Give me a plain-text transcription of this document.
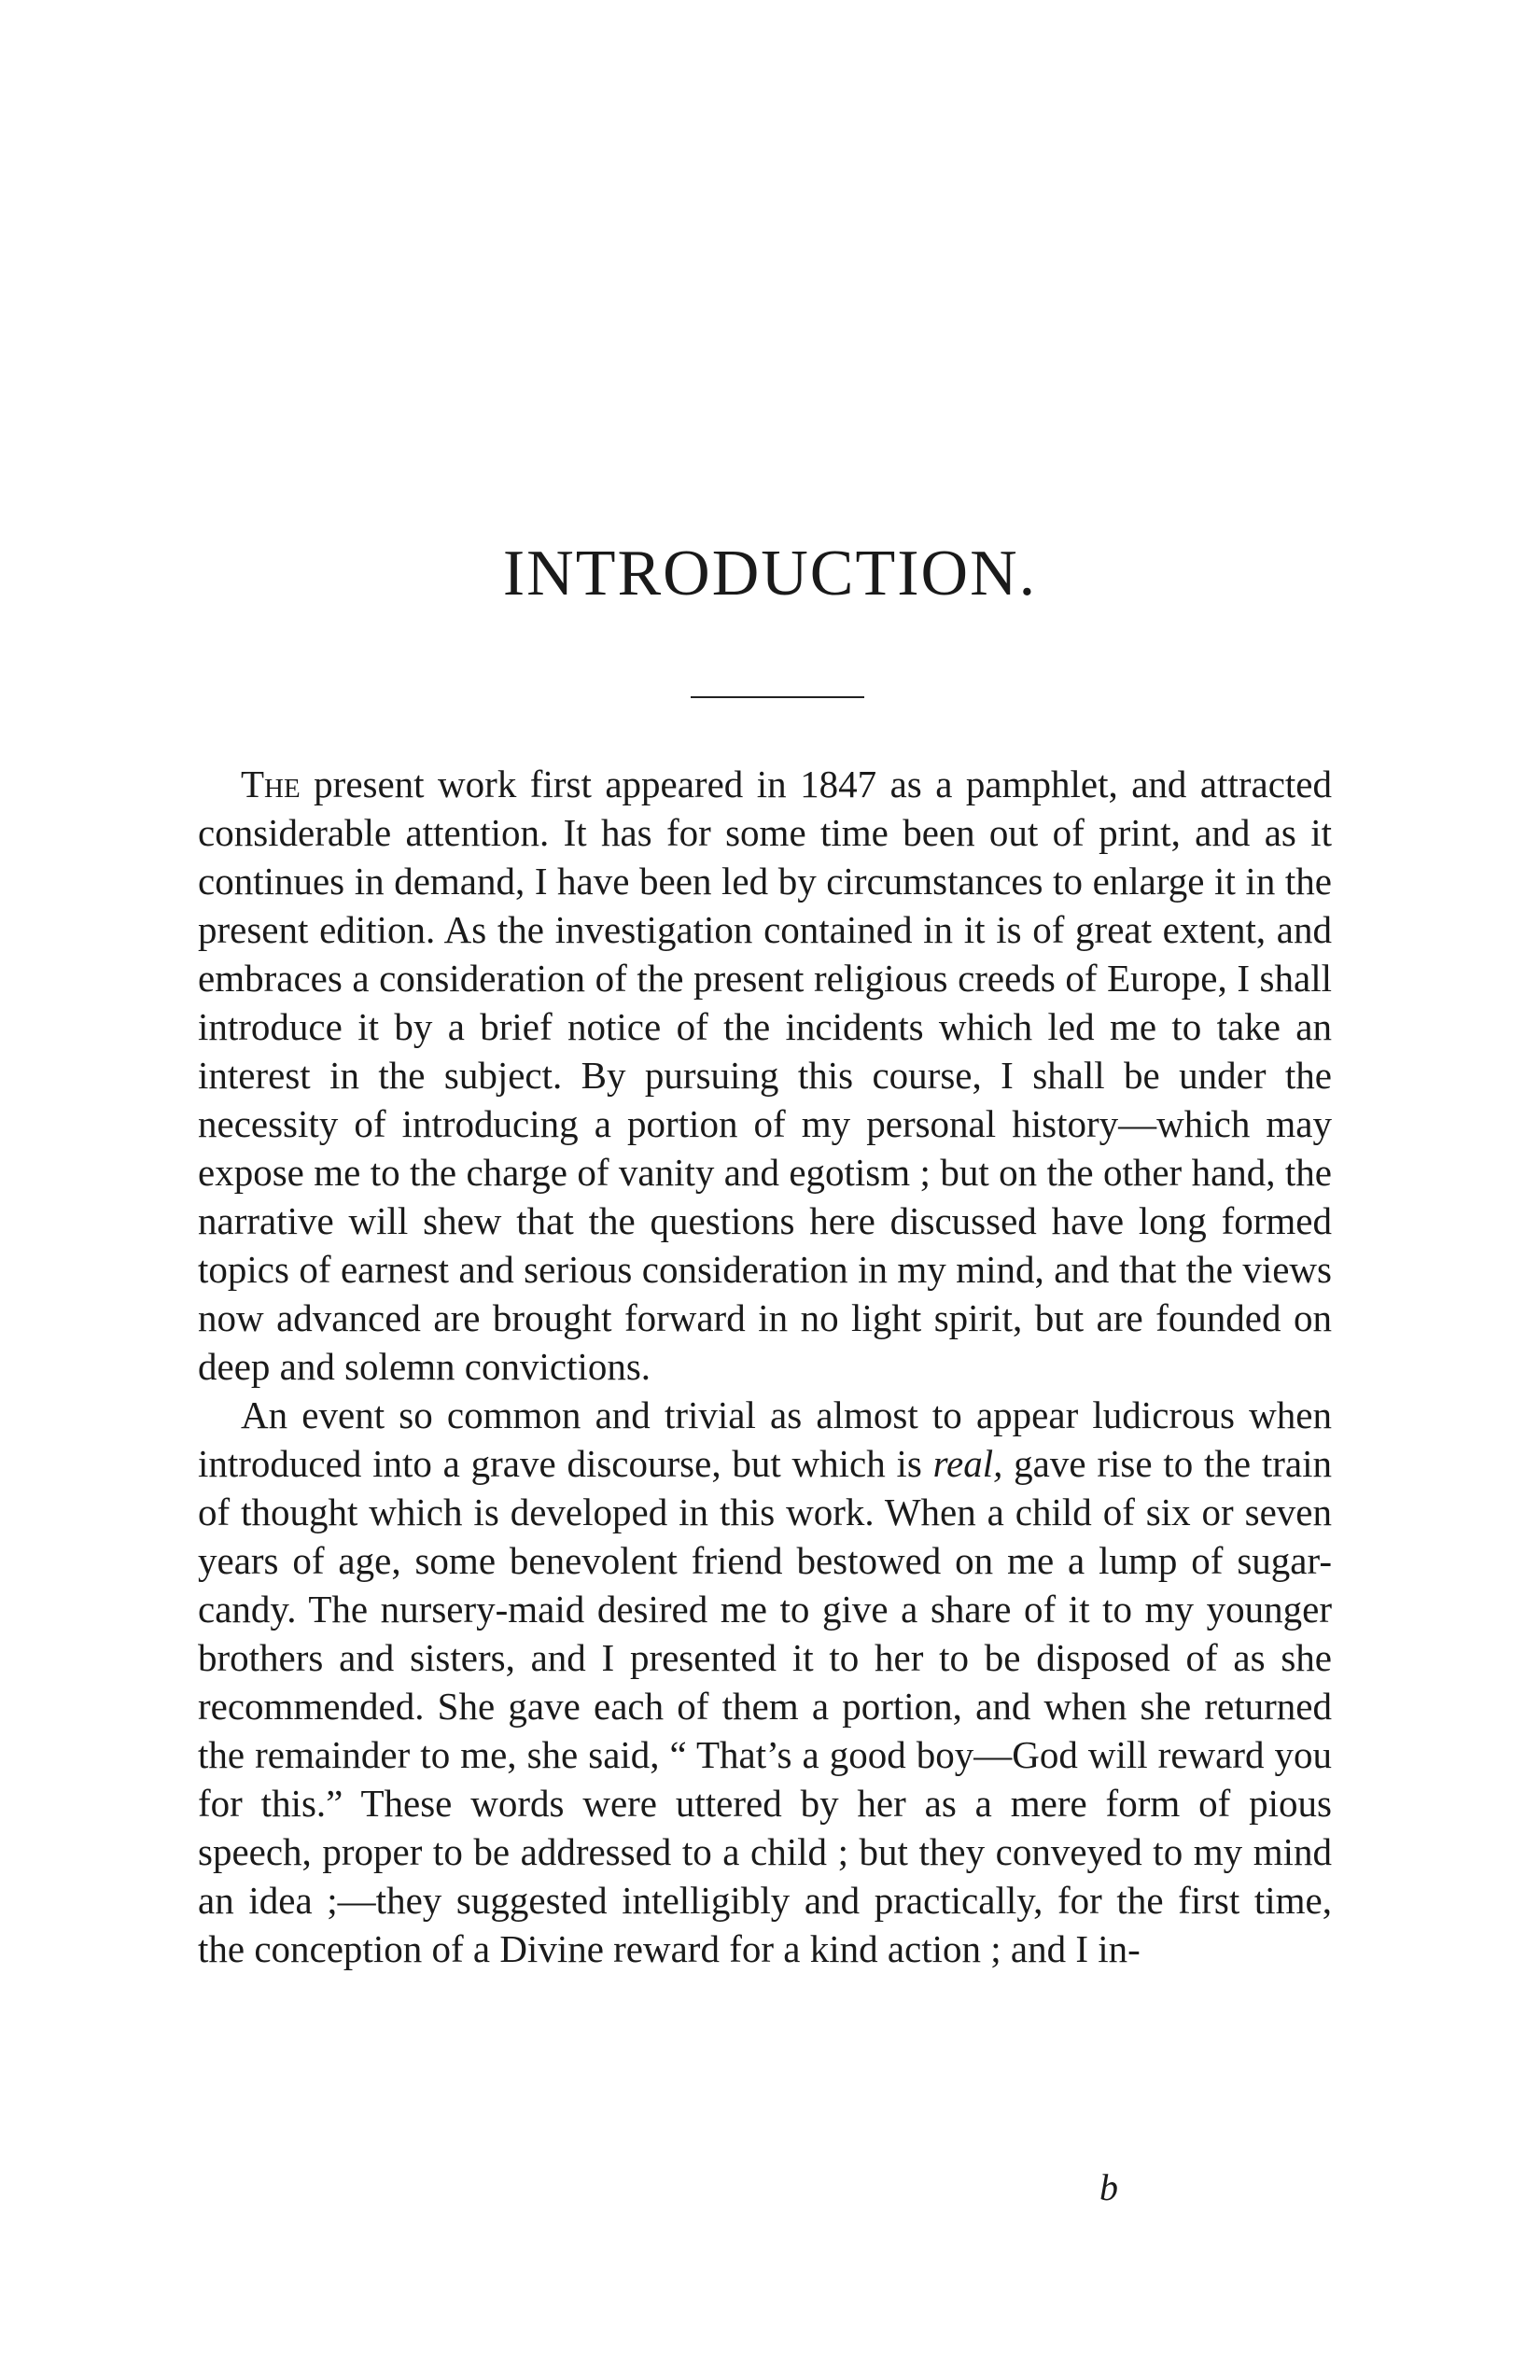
INTRODUCTION.

The present work first appeared in 1847 as a pamphlet, and attracted considerable attention. It has for some time been out of print, and as it continues in demand, I have been led by circumstances to enlarge it in the present edition. As the investigation contained in it is of great extent, and embraces a consideration of the present religious creeds of Europe, I shall introduce it by a brief notice of the incidents which led me to take an interest in the subject. By pursuing this course, I shall be under the necessity of introducing a portion of my personal history—which may expose me to the charge of vanity and egotism ; but on the other hand, the narrative will shew that the questions here discussed have long formed topics of earnest and serious consideration in my mind, and that the views now advanced are brought forward in no light spirit, but are founded on deep and solemn convictions.

An event so common and trivial as almost to appear ludicrous when introduced into a grave discourse, but which is real, gave rise to the train of thought which is developed in this work. When a child of six or seven years of age, some benevolent friend bestowed on me a lump of sugar-candy. The nursery-maid desired me to give a share of it to my younger brothers and sisters, and I presented it to her to be disposed of as she recommended. She gave each of them a portion, and when she returned the remainder to me, she said, “ That’s a good boy—God will reward you for this.” These words were uttered by her as a mere form of pious speech, proper to be addressed to a child ; but they conveyed to my mind an idea ;—they suggested intelligibly and practically, for the first time, the conception of a Divine reward for a kind action ; and I in-

b
